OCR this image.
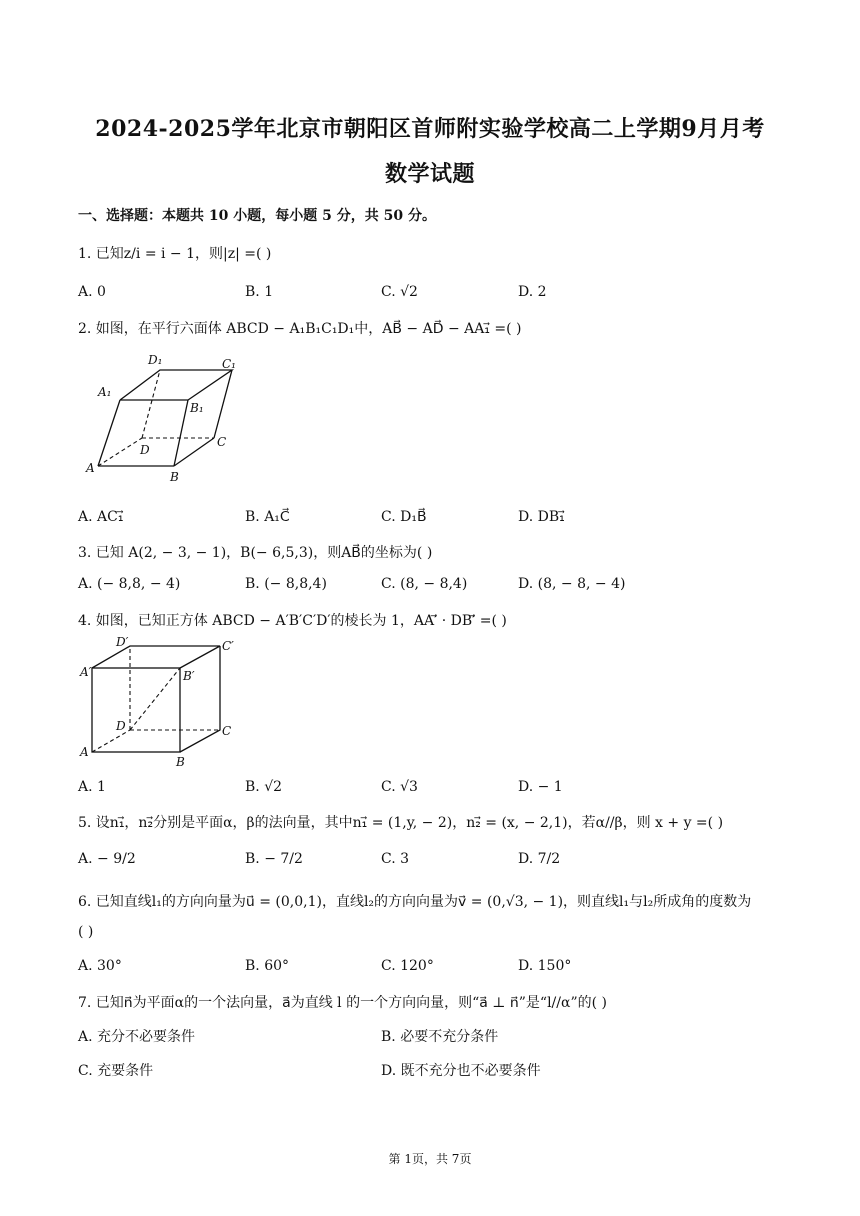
2024-2025学年北京市朝阳区首师附实验学校高二上学期9月月考
数学试题
一、选择题：本题共 10 小题，每小题 5 分，共 50 分。
1. 已知z/i = i − 1，则|z| =( )
A. 0	B. 1	C. √2	D. 2
2. 如图，在平行六面体 ABCD − A₁B₁C₁D₁中，AB⃗ − AD⃗ − AA₁⃗ =( )
A
B
C
D
A₁
B₁
C₁
D₁
A. AC₁⃗	B. A₁C⃗	C. D₁B⃗	D. DB₁⃗
3. 已知 A(2, − 3, − 1)，B(− 6,5,3)，则AB⃗的坐标为( )
A. (− 8,8, − 4)	B. (− 8,8,4)	C. (8, − 8,4)	D. (8, − 8, − 4)
4. 如图，已知正方体 ABCD − A′B′C′D′的棱长为 1，AA′⃗ · DB′⃗ =( )
A
B
C
D
A′	B′
C′
D′
A. 1	B. √2	C. √3	D. − 1
5. 设n₁⃗，n₂⃗分别是平面α，β的法向量，其中n₁⃗ = (1,y, − 2)，n₂⃗ = (x, − 2,1)，若α//β，则 x + y =( )
A. − 9/2	B. − 7/2	C. 3	D. 7/2
6. 已知直线l₁的方向向量为u⃗ = (0,0,1)，直线l₂的方向向量为v⃗ = (0,√3, − 1)，则直线l₁与l₂所成角的度数为
( )
A. 30°	B. 60°	C. 120°	D. 150°
7. 已知n⃗为平面α的一个法向量，a⃗为直线 l 的一个方向向量，则“a⃗ ⊥ n⃗”是“l//α”的( )
A. 充分不必要条件	B. 必要不充分条件
C. 充要条件	D. 既不充分也不必要条件
第 1页，共 7页
